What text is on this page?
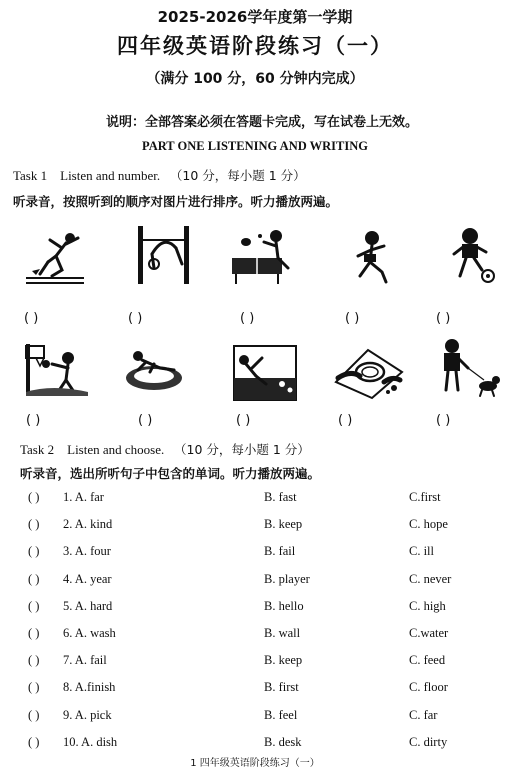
2025-2026学年度第一学期
四年级英语阶段练习（一）
（满分 100 分，60 分钟内完成）
说明：全部答案必须在答题卡完成，写在试卷上无效。
PART ONE LISTENING AND WRITING
Task 1 Listen and number. （10 分，每小题 1 分）
听录音，按照听到的顺序对图片进行排序。听力播放两遍。
( )	( )	( )	( )	( )
( )	( )	( )	( )	( )
Task 2 Listen and choose. （10 分，每小题 1 分）
听录音，选出所听句子中包含的单词。听力播放两遍。
( ) 1. A. far	B. fast	C.first
( ) 2. A. kind	B. keep	C. hope
( ) 3. A. four	B. fail	C. ill
( ) 4. A. year	B. player	C. never
( ) 5. A. hard	B. hello	C. high
( ) 6. A. wash	B. wall	C.water
( ) 7. A. fail	B. keep	C. feed
( ) 8. A.finish	B. first	C. floor
( ) 9. A. pick	B. feel	C. far
( ) 10. A. dish	B. desk	C. dirty
1 四年级英语阶段练习（一）
